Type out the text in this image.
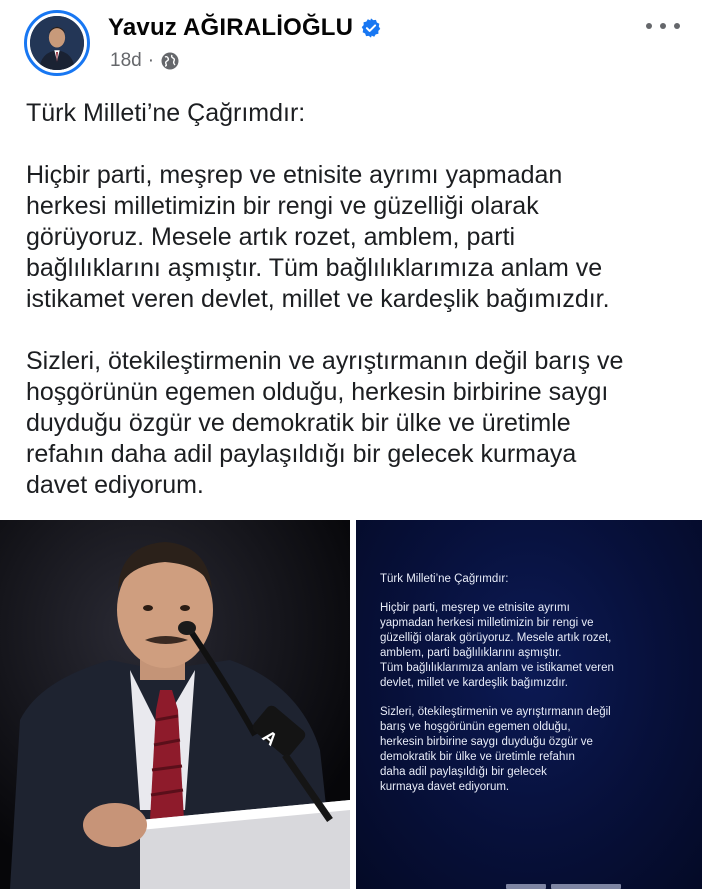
Yavuz AĞIRALİOĞLU
18d ·

Türk Milleti’ne Çağrımdır:

Hiçbir parti, meşrep ve etnisite ayrımı yapmadan

herkesi milletimizin bir rengi ve güzelliği olarak

görüyoruz. Mesele artık rozet, amblem, parti

bağlılıklarını aşmıştır. Tüm bağlılıklarımıza anlam ve

istikamet veren devlet, millet ve kardeşlik bağımızdır.

Sizleri, ötekileştirmenin ve ayrıştırmanın değil barış ve

hoşgörünün egemen olduğu, herkesin birbirine saygı

duyduğu özgür ve demokratik bir ülke ve üretimle

refahın daha adil paylaşıldığı bir gelecek kurmaya

davet ediyorum.

A

Türk Milleti’ne Çağrımdır:

Hiçbir parti, meşrep ve etnisite ayrımı

yapmadan herkesi milletimizin bir rengi ve

güzelliği olarak görüyoruz. Mesele artık rozet,

amblem, parti bağlılıklarını aşmıştır.

Tüm bağlılıklarımıza anlam ve istikamet veren

devlet, millet ve kardeşlik bağımızdır.

Sizleri, ötekileştirmenin ve ayrıştırmanın değil

barış ve hoşgörünün egemen olduğu,

herkesin birbirine saygı duyduğu özgür ve

demokratik bir ülke ve üretimle refahın

daha adil paylaşıldığı bir gelecek

kurmaya davet ediyorum.
